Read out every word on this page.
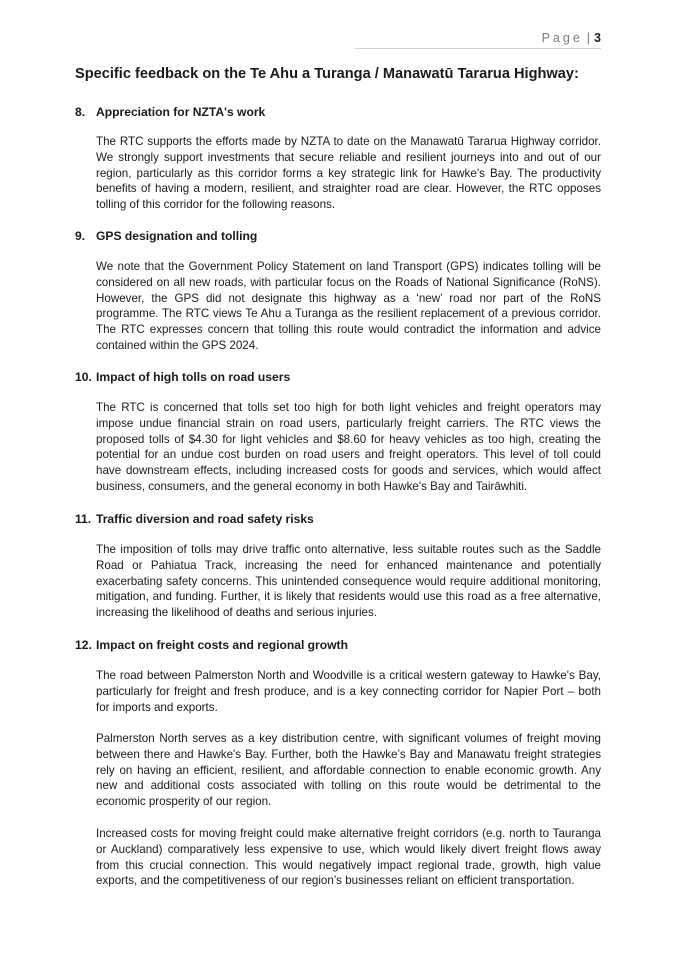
Page | 3
Specific feedback on the Te Ahu a Turanga / Manawatū Tararua Highway:
8. Appreciation for NZTA's work

The RTC supports the efforts made by NZTA to date on the Manawatū Tararua Highway corridor. We strongly support investments that secure reliable and resilient journeys into and out of our region, particularly as this corridor forms a key strategic link for Hawke’s Bay. The productivity benefits of having a modern, resilient, and straighter road are clear. However, the RTC opposes tolling of this corridor for the following reasons.

9. GPS designation and tolling

We note that the Government Policy Statement on land Transport (GPS) indicates tolling will be considered on all new roads, with particular focus on the Roads of National Significance (RoNS). However, the GPS did not designate this highway as a ‘new’ road nor part of the RoNS programme. The RTC views Te Ahu a Turanga as the resilient replacement of a previous corridor. The RTC expresses concern that tolling this route would contradict the information and advice contained within the GPS 2024.

10. Impact of high tolls on road users

The RTC is concerned that tolls set too high for both light vehicles and freight operators may impose undue financial strain on road users, particularly freight carriers. The RTC views the proposed tolls of $4.30 for light vehicles and $8.60 for heavy vehicles as too high, creating the potential for an undue cost burden on road users and freight operators. This level of toll could have downstream effects, including increased costs for goods and services, which would affect business, consumers, and the general economy in both Hawke's Bay and Tairāwhiti.

11. Traffic diversion and road safety risks

The imposition of tolls may drive traffic onto alternative, less suitable routes such as the Saddle Road or Pahiatua Track, increasing the need for enhanced maintenance and potentially exacerbating safety concerns. This unintended consequence would require additional monitoring, mitigation, and funding. Further, it is likely that residents would use this road as a free alternative, increasing the likelihood of deaths and serious injuries.

12. Impact on freight costs and regional growth

The road between Palmerston North and Woodville is a critical western gateway to Hawke's Bay, particularly for freight and fresh produce, and is a key connecting corridor for Napier Port – both for imports and exports.

Palmerston North serves as a key distribution centre, with significant volumes of freight moving between there and Hawke's Bay. Further, both the Hawke’s Bay and Manawatu freight strategies rely on having an efficient, resilient, and affordable connection to enable economic growth. Any new and additional costs associated with tolling on this route would be detrimental to the economic prosperity of our region.

Increased costs for moving freight could make alternative freight corridors (e.g. north to Tauranga or Auckland) comparatively less expensive to use, which would likely divert freight flows away from this crucial connection. This would negatively impact regional trade, growth, high value exports, and the competitiveness of our region’s businesses reliant on efficient transportation.
